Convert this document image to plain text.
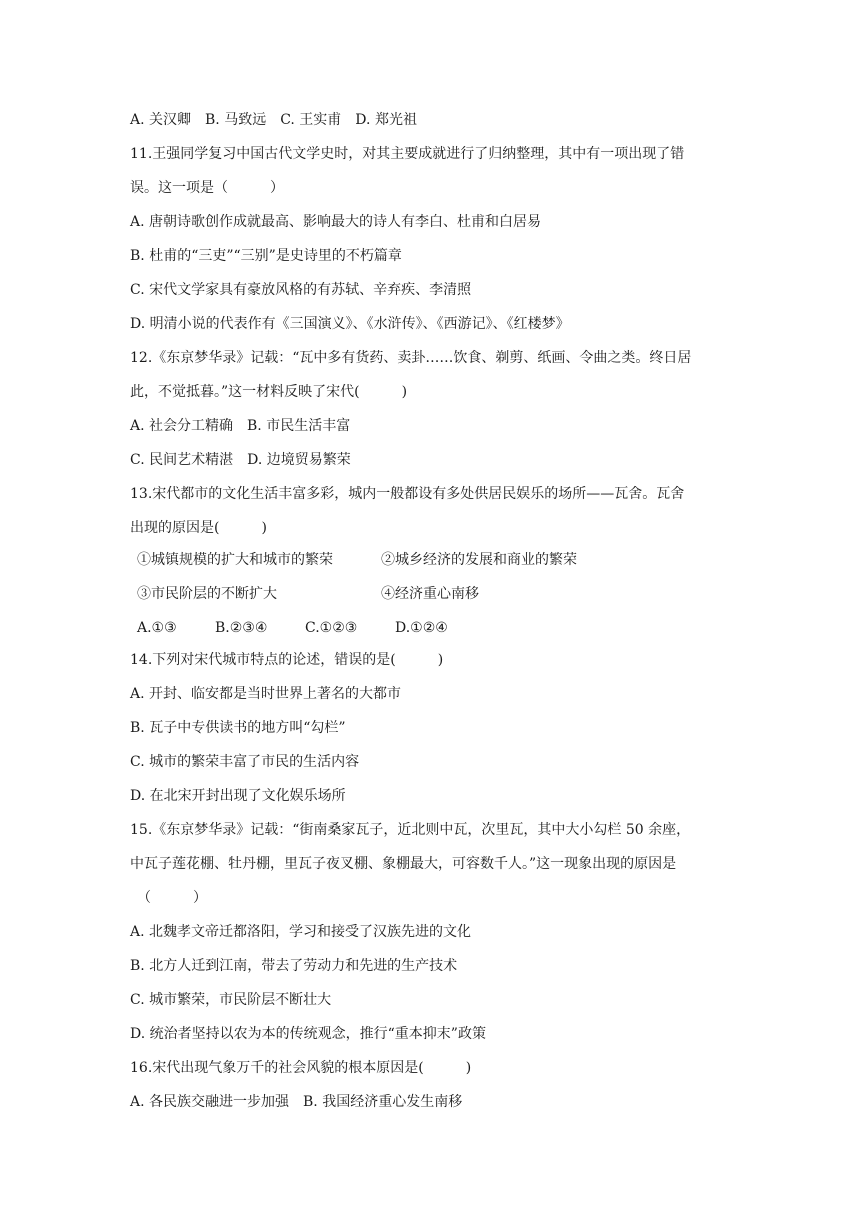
A. 关汉卿　B. 马致远　C. 王实甫　D. 郑光祖
11.王强同学复习中国古代文学史时，对其主要成就进行了归纳整理，其中有一项出现了错
误。这一项是（　　　）
A. 唐朝诗歌创作成就最高、影响最大的诗人有李白、杜甫和白居易
B. 杜甫的“三吏”“三别”是史诗里的不朽篇章
C. 宋代文学家具有豪放风格的有苏轼、辛弃疾、李清照
D. 明清小说的代表作有《三国演义》、《水浒传》、《西游记》、《红楼梦》
12.《东京梦华录》记载：“瓦中多有货药、卖卦……饮食、剃剪、纸画、令曲之类。终日居
此，不觉抵暮。”这一材料反映了宋代(　　　)
A. 社会分工精确　B. 市民生活丰富
C. 民间艺术精湛　D. 边境贸易繁荣
13.宋代都市的文化生活丰富多彩，城内一般都设有多处供居民娱乐的场所——瓦舍。瓦舍
出现的原因是(　　　)
①城镇规模的扩大和城市的繁荣	②城乡经济的发展和商业的繁荣
③市民阶层的不断扩大	④经济重心南移
A.①③	B.②③④	C.①②③	D.①②④
14.下列对宋代城市特点的论述，错误的是(　　　)
A. 开封、临安都是当时世界上著名的大都市
B. 瓦子中专供读书的地方叫“勾栏”
C. 城市的繁荣丰富了市民的生活内容
D. 在北宋开封出现了文化娱乐场所
15.《东京梦华录》记载：“街南桑家瓦子，近北则中瓦，次里瓦，其中大小勾栏 50 余座，
中瓦子莲花棚、牡丹棚，里瓦子夜叉棚、象棚最大，可容数千人。”这一现象出现的原因是
（　　　）
A. 北魏孝文帝迁都洛阳，学习和接受了汉族先进的文化
B. 北方人迁到江南，带去了劳动力和先进的生产技术
C. 城市繁荣，市民阶层不断壮大
D. 统治者坚持以农为本的传统观念，推行“重本抑末”政策
16.宋代出现气象万千的社会风貌的根本原因是(　　　)
A. 各民族交融进一步加强　B. 我国经济重心发生南移
